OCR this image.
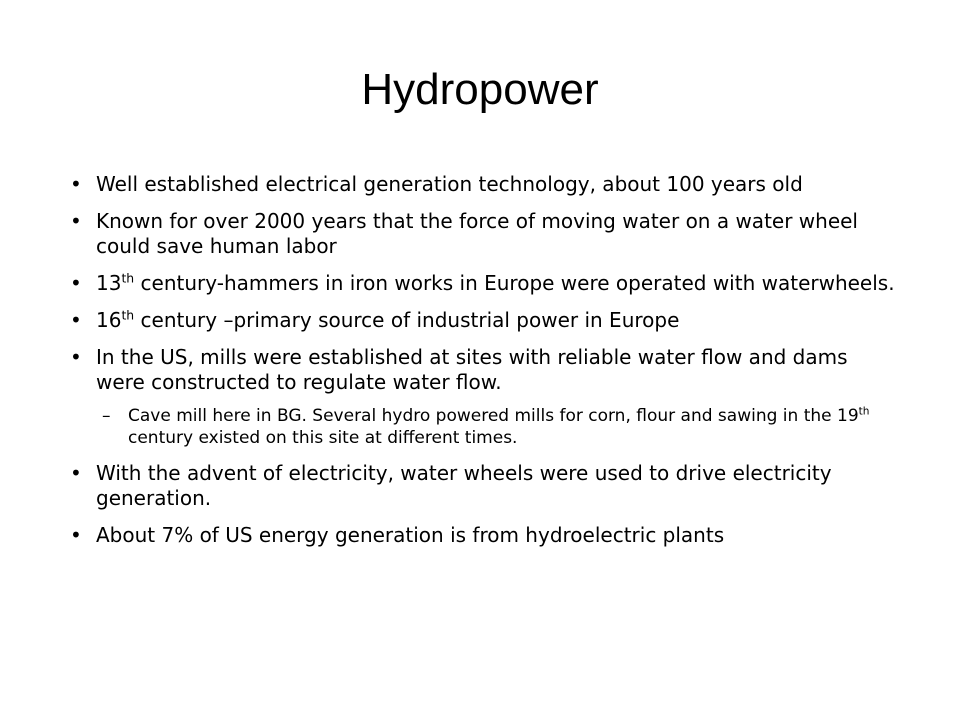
Hydropower
• Well established electrical generation technology, about 100 years old
• Known for over 2000 years that the force of moving water on a water wheel could save human labor
• 13th century-hammers in iron works in Europe were operated with waterwheels.
• 16th century –primary source of industrial power in Europe
• In the US, mills were established at sites with reliable water flow and dams were constructed to regulate water flow.
– Cave mill here in BG. Several hydro powered mills for corn, flour and sawing in the 19th century existed on this site at different times.
• With the advent of electricity, water wheels were used to drive electricity generation.
• About 7% of US energy generation is from hydroelectric plants
